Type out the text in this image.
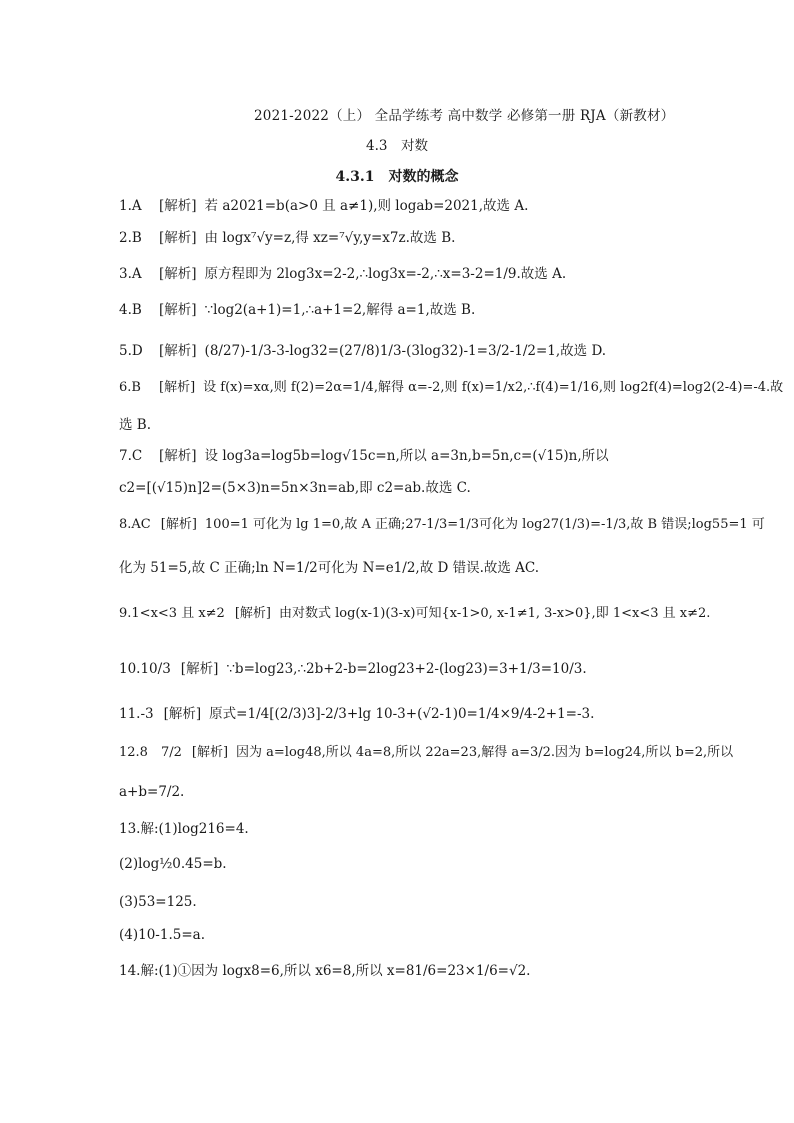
2021-2022（上） 全品学练考 高中数学 必修第一册 RJA（新教材）
4.3　对数
4.3.1　对数的概念
1.A [解析] 若 a2021=b(a>0 且 a≠1),则 logab=2021,故选 A.
2.B [解析] 由 logx⁷√y=z,得 xz=⁷√y,y=x7z.故选 B.
3.A [解析] 原方程即为 2log3x=2-2,∴log3x=-2,∴x=3-2=1/9.故选 A.
4.B [解析] ∵log2(a+1)=1,∴a+1=2,解得 a=1,故选 B.
5.D [解析] (8/27)-1/3-3-log32=(27/8)1/3-(3log32)-1=3/2-1/2=1,故选 D.
6.B [解析] 设 f(x)=xα,则 f(2)=2α=1/4,解得 α=-2,则 f(x)=1/x2,∴f(4)=1/16,则 log2f(4)=log2(2-4)=-4.故
选 B.
7.C [解析] 设 log3a=log5b=log√15c=n,所以 a=3n,b=5n,c=(√15)n,所以
c2=[(√15)n]2=(5×3)n=5n×3n=ab,即 c2=ab.故选 C.
8.AC [解析] 100=1 可化为 lg 1=0,故 A 正确;27-1/3=1/3可化为 log27(1/3)=-1/3,故 B 错误;log55=1 可
化为 51=5,故 C 正确;ln N=1/2可化为 N=e1/2,故 D 错误.故选 AC.
9.1<x<3 且 x≠2 [解析] 由对数式 log(x-1)(3-x)可知{x-1>0, x-1≠1, 3-x>0},即 1<x<3 且 x≠2.
10.10/3 [解析] ∵b=log23,∴2b+2-b=2log23+2-(log23)=3+1/3=10/3.
11.-3 [解析] 原式=1/4[(2/3)3]-2/3+lg 10-3+(√2-1)0=1/4×9/4-2+1=-3.
12.8　7/2 [解析] 因为 a=log48,所以 4a=8,所以 22a=23,解得 a=3/2.因为 b=log24,所以 b=2,所以
a+b=7/2.
13.解:(1)log216=4.
(2)log½0.45=b.
(3)53=125.
(4)10-1.5=a.
14.解:(1)①因为 logx8=6,所以 x6=8,所以 x=81/6=23×1/6=√2.
